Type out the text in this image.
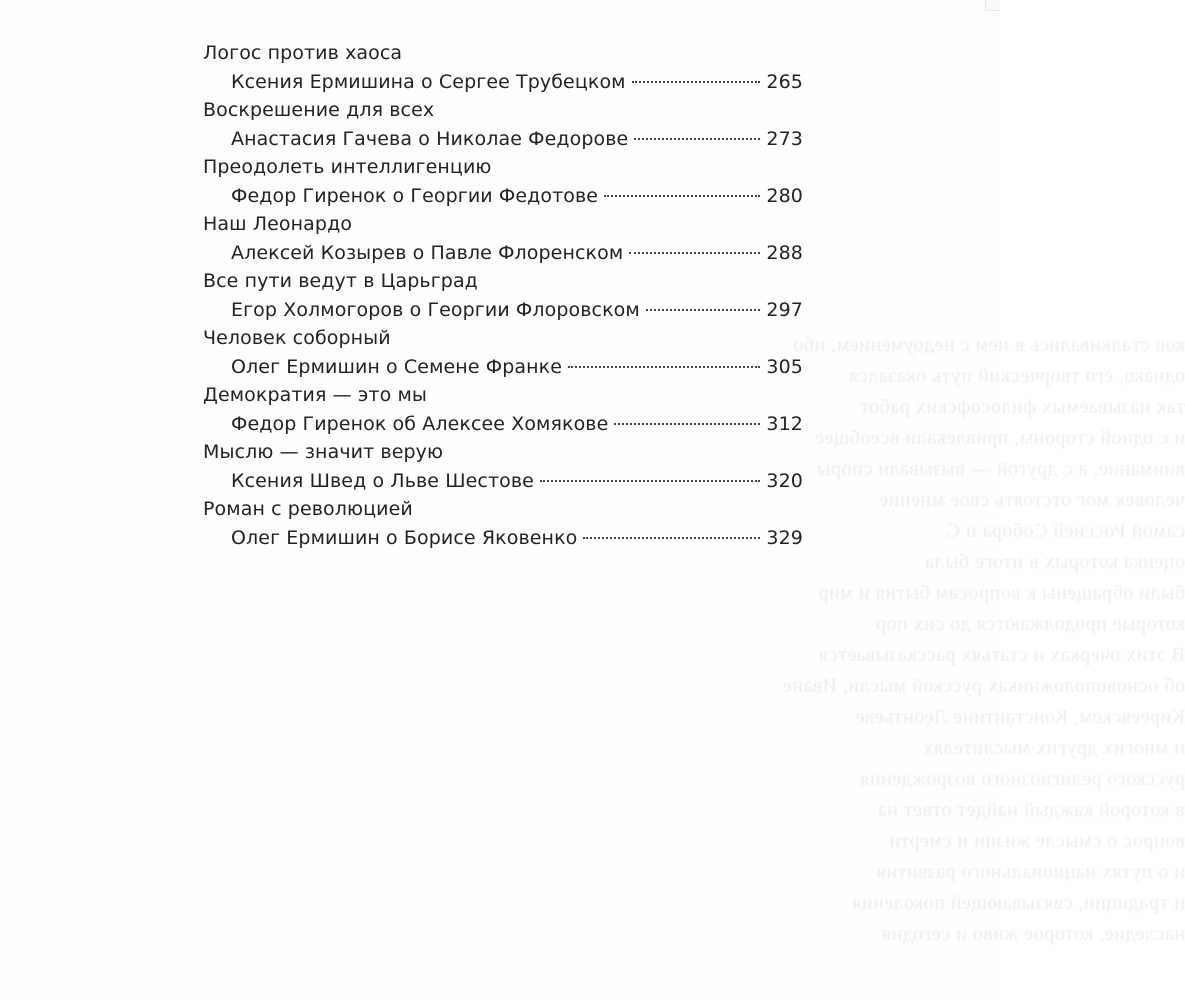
ков сталкивались в нем с недоумением, ибо
однако, его творческий путь оказался
так называемых философских работ
и с одной стороны, привлекали всеобщее
внимание, а с другой — вызывали споры
человек мог отстоять свое мнение
самой Россией Собора и С
оценка которых в итоге была
были обращены к вопросам бытия и мир
которые продолжаются до сих пор
В этих очерках и статьях рассказывается
об основоположниках русской мысли, Иване
Киреевском, Константине Леонтьеве
и многих других мыслителях
русского религиозного возрождения
в которой каждый найдет ответ на
вопрос о смысле жизни и смерти
и о путях национального развития
и традиции, связывающей поколения
наследие, которое живо и сегодня
Логос против хаоса
Ксения Ермишина о Сергее Трубецком	265
Воскрешение для всех
Анастасия Гачева о Николае Федорове	273
Преодолеть интеллигенцию
Федор Гиренок о Георгии Федотове	280
Наш Леонардо
Алексей Козырев о Павле Флоренском	288
Все пути ведут в Царьград
Егор Холмогоров о Георгии Флоровском	297
Человек соборный
Олег Ермишин о Семене Франке	305
Демократия — это мы
Федор Гиренок об Алексее Хомякове	312
Мыслю — значит верую
Ксения Швед о Льве Шестове	320
Роман с революцией
Олег Ермишин о Борисе Яковенко	329
